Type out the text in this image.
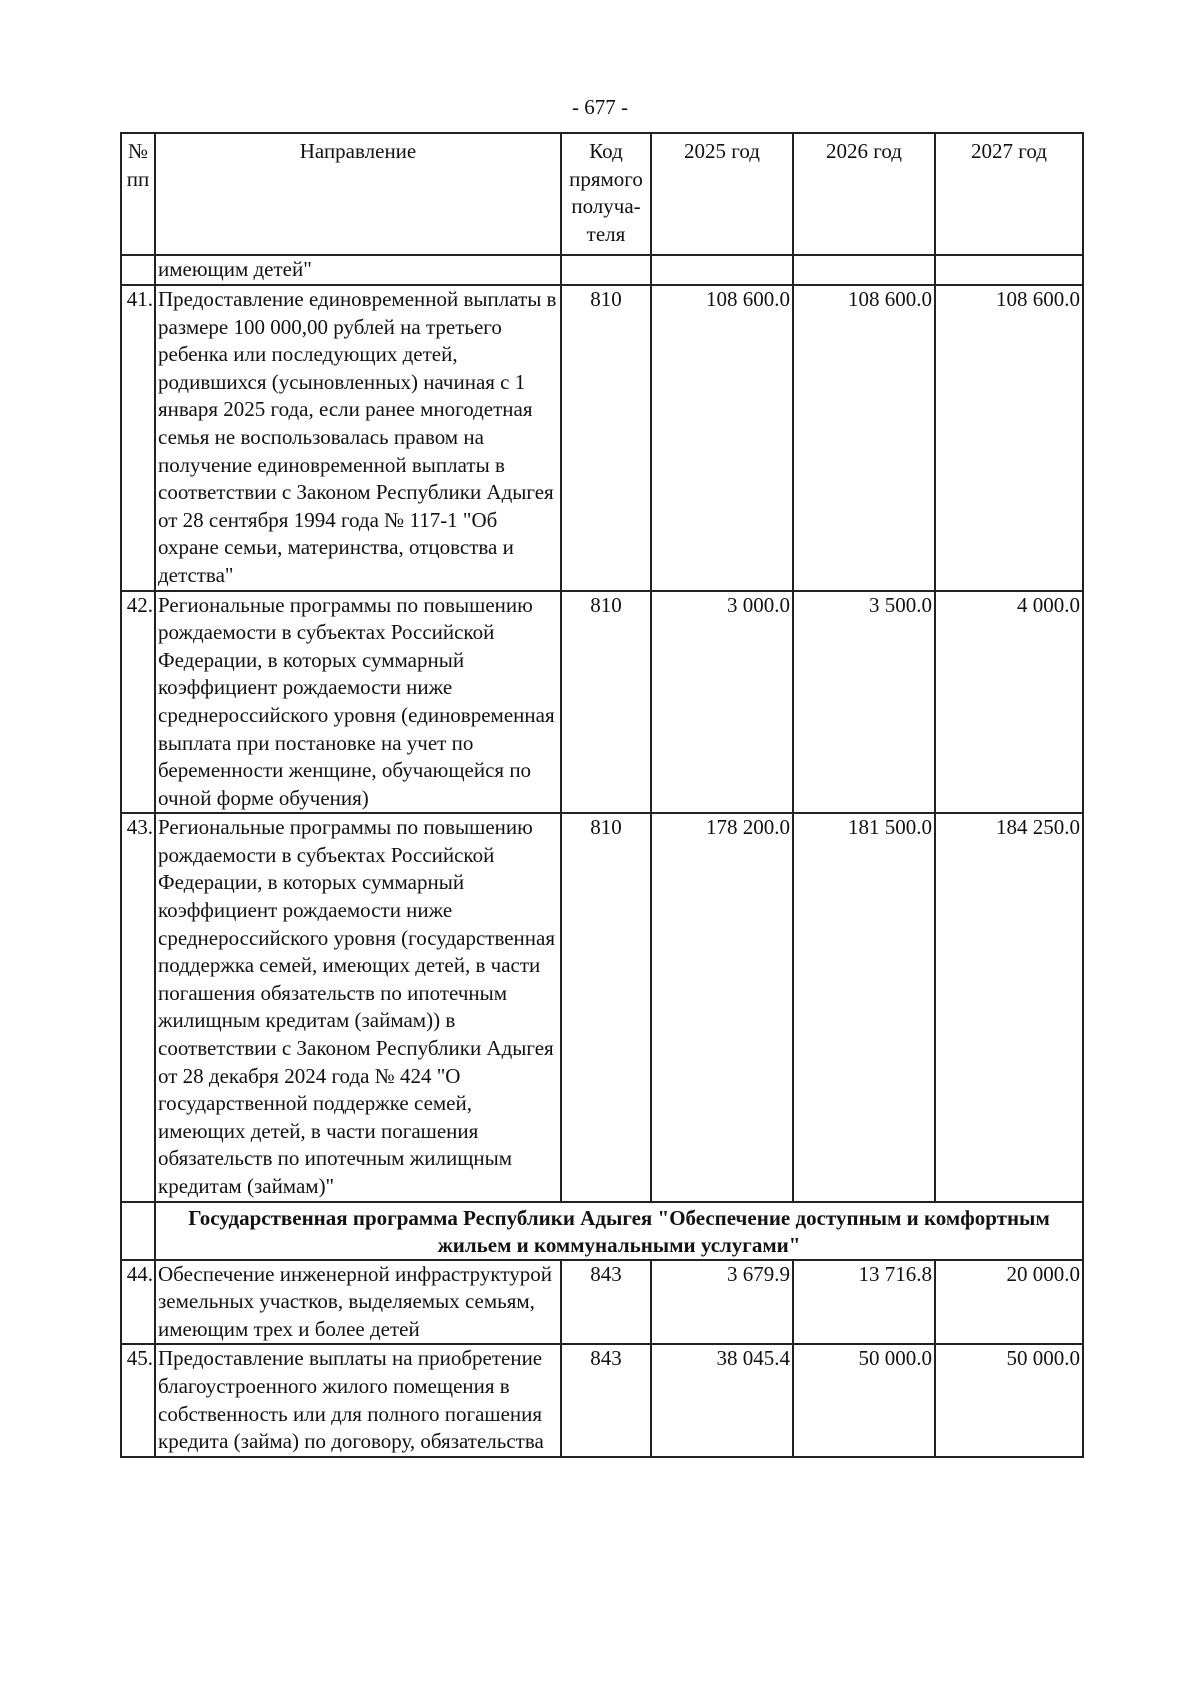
- 677 -
№ пп	Направление	Код прямого получа-теля	2025 год	2026 год	2027 год
	имеющим детей"				
41.	Предоставление единовременной выплаты в размере 100 000,00 рублей на третьего ребенка или последующих детей, родившихся (усыновленных) начиная с 1 января 2025 года, если ранее многодетная семья не воспользовалась правом на получение единовременной выплаты в соответствии с Законом Республики Адыгея от 28 сентября 1994 года № 117-1 "Об охране семьи, материнства, отцовства и детства"	810	108 600.0	108 600.0	108 600.0
42.	Региональные программы по повышению рождаемости в субъектах Российской Федерации, в которых суммарный коэффициент рождаемости ниже среднероссийского уровня (единовременная выплата при постановке на учет по беременности женщине, обучающейся по очной форме обучения)	810	3 000.0	3 500.0	4 000.0
43.	Региональные программы по повышению рождаемости в субъектах Российской Федерации, в которых суммарный коэффициент рождаемости ниже среднероссийского уровня (государственная поддержка семей, имеющих детей, в части погашения обязательств по ипотечным жилищным кредитам (займам)) в соответствии с Законом Республики Адыгея от 28 декабря 2024 года № 424 "О государственной поддержке семей, имеющих детей, в части погашения обязательств по ипотечным жилищным кредитам (займам)"	810	178 200.0	181 500.0	184 250.0
	Государственная программа Республики Адыгея "Обеспечение доступным и комфортным жильем и коммунальными услугами"				
44.	Обеспечение инженерной инфраструктурой земельных участков, выделяемых семьям, имеющим трех и более детей	843	3 679.9	13 716.8	20 000.0
45.	Предоставление выплаты на приобретение благоустроенного жилого помещения в собственность или для полного погашения кредита (займа) по договору, обязательства	843	38 045.4	50 000.0	50 000.0
